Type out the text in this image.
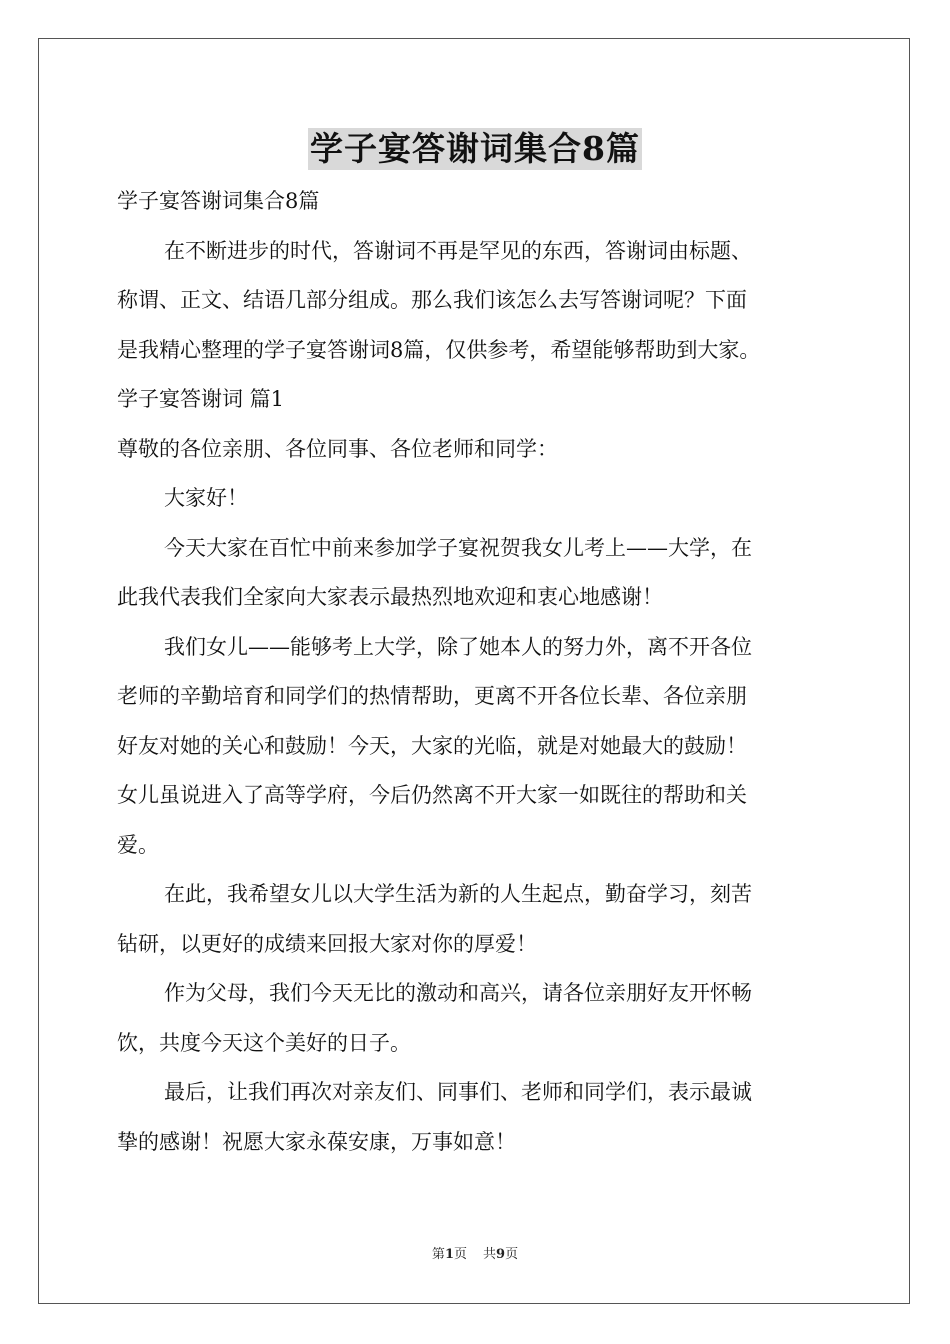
学子宴答谢词集合8篇
学子宴答谢词集合8篇
在不断进步的时代，答谢词不再是罕见的东西，答谢词由标题、
称谓、正文、结语几部分组成。那么我们该怎么去写答谢词呢？下面
是我精心整理的学子宴答谢词8篇，仅供参考，希望能够帮助到大家。
学子宴答谢词 篇1
尊敬的各位亲朋、各位同事、各位老师和同学：
大家好！
今天大家在百忙中前来参加学子宴祝贺我女儿考上——大学，在
此我代表我们全家向大家表示最热烈地欢迎和衷心地感谢！
我们女儿——能够考上大学，除了她本人的努力外，离不开各位
老师的辛勤培育和同学们的热情帮助，更离不开各位长辈、各位亲朋
好友对她的关心和鼓励！今天，大家的光临，就是对她最大的鼓励！
女儿虽说进入了高等学府，今后仍然离不开大家一如既往的帮助和关
爱。
在此，我希望女儿以大学生活为新的人生起点，勤奋学习，刻苦
钻研，以更好的成绩来回报大家对你的厚爱！
作为父母，我们今天无比的激动和高兴，请各位亲朋好友开怀畅
饮，共度今天这个美好的日子。
最后，让我们再次对亲友们、同事们、老师和同学们，表示最诚
挚的感谢！祝愿大家永葆安康，万事如意！
第1页 共9页
